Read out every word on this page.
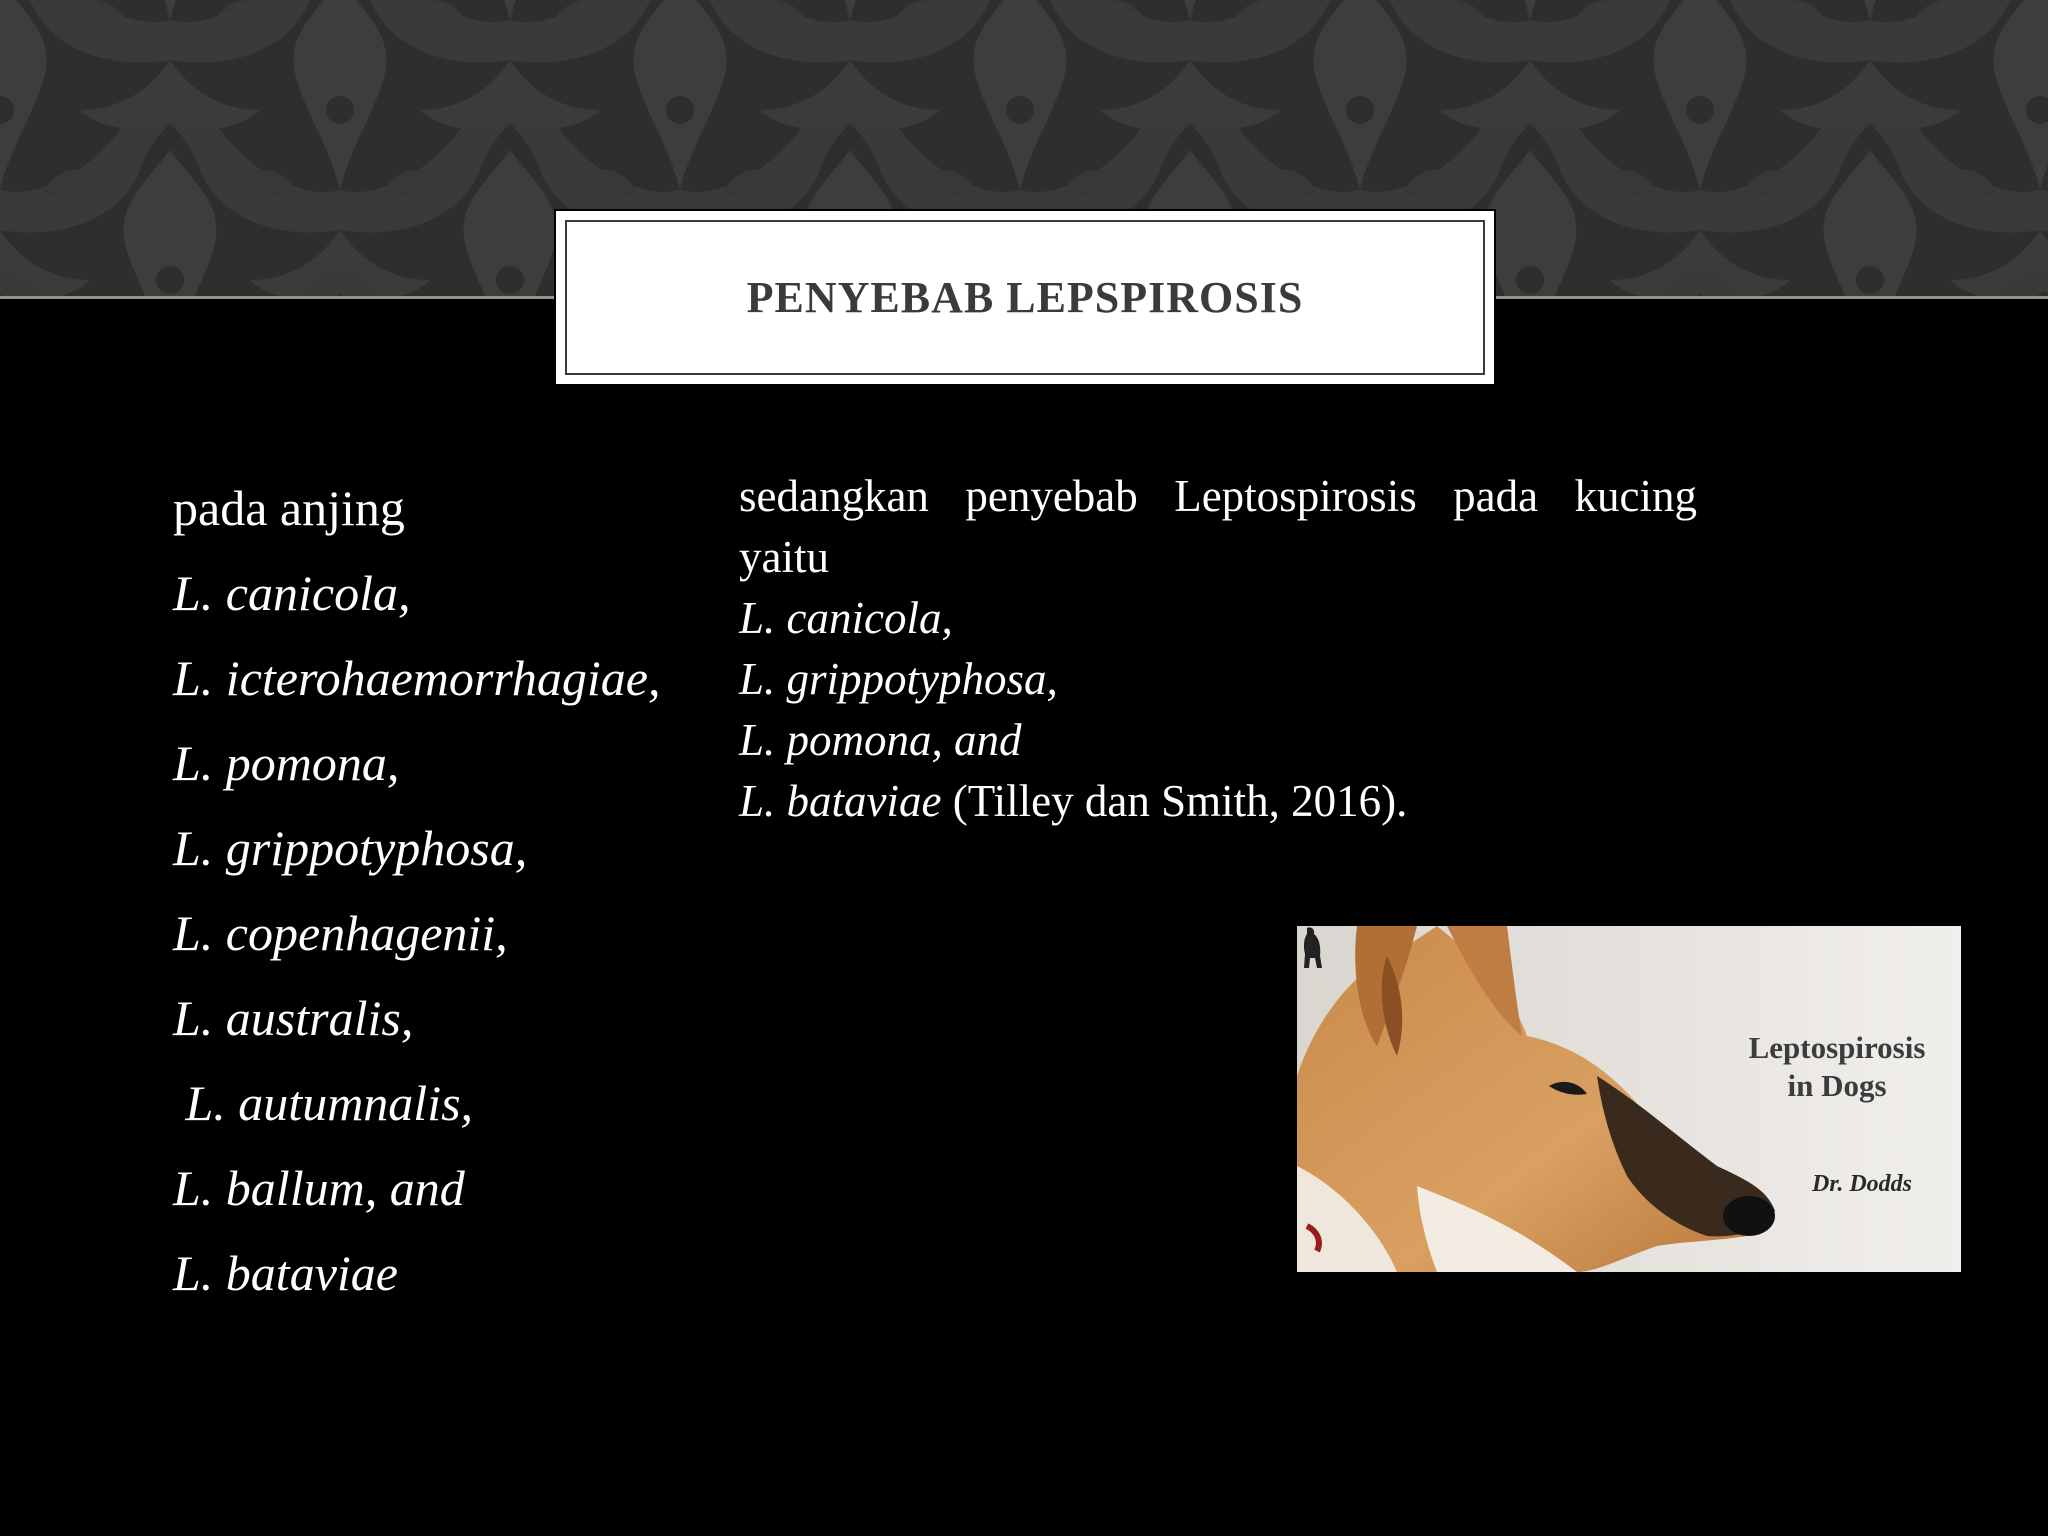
PENYEBAB LEPSPIROSIS
pada anjing
L. canicola,
L. icterohaemorrhagiae,
L. pomona,
L. grippotyphosa,
L. copenhagenii,
L. australis,
L. autumnalis,
L. ballum, and
L. bataviae
sedangkan penyebab Leptospirosis pada kucing yaitu
L. canicola,
L. grippotyphosa,
L. pomona, and
L. bataviae (Tilley dan Smith, 2016).
Leptospirosis
in Dogs
Dr. Dodds
